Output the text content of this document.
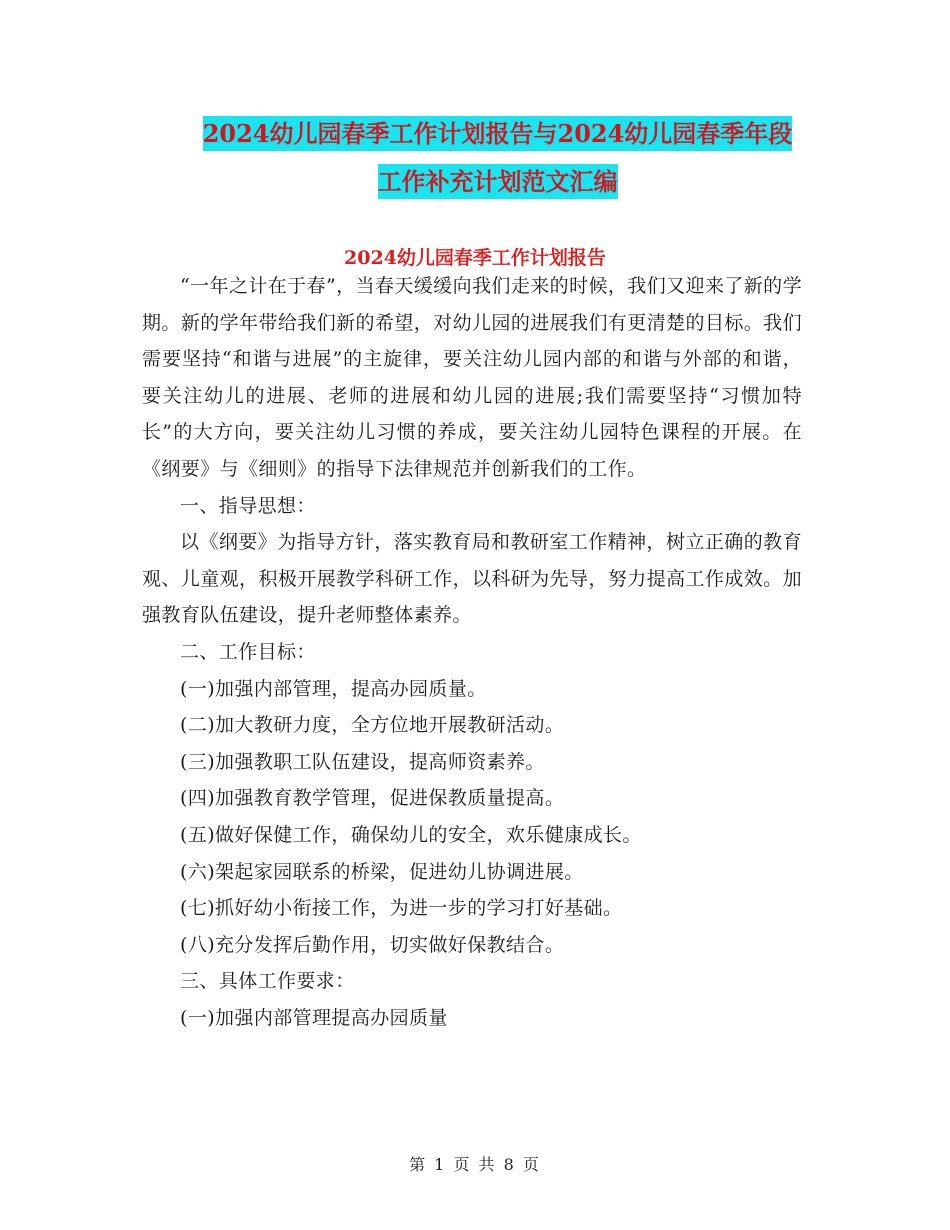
2024幼儿园春季工作计划报告与2024幼儿园春季年段
工作补充计划范文汇编
2024幼儿园春季工作计划报告

“一年之计在于春”，当春天缓缓向我们走来的时候，我们又迎来了新的学期。新的学年带给我们新的希望，对幼儿园的进展我们有更清楚的目标。我们需要坚持“和谐与进展”的主旋律，要关注幼儿园内部的和谐与外部的和谐，要关注幼儿的进展、老师的进展和幼儿园的进展;我们需要坚持“习惯加特长”的大方向，要关注幼儿习惯的养成，要关注幼儿园特色课程的开展。在《纲要》与《细则》的指导下法律规范并创新我们的工作。

一、指导思想：

以《纲要》为指导方针，落实教育局和教研室工作精神，树立正确的教育观、儿童观，积极开展教学科研工作，以科研为先导，努力提高工作成效。加强教育队伍建设，提升老师整体素养。

二、工作目标：

(一)加强内部管理，提高办园质量。

(二)加大教研力度，全方位地开展教研活动。

(三)加强教职工队伍建设，提高师资素养。

(四)加强教育教学管理，促进保教质量提高。

(五)做好保健工作，确保幼儿的安全，欢乐健康成长。

(六)架起家园联系的桥梁，促进幼儿协调进展。

(七)抓好幼小衔接工作，为进一步的学习打好基础。

(八)充分发挥后勤作用，切实做好保教结合。

三、具体工作要求：

(一)加强内部管理提高办园质量

第 1 页 共 8 页
